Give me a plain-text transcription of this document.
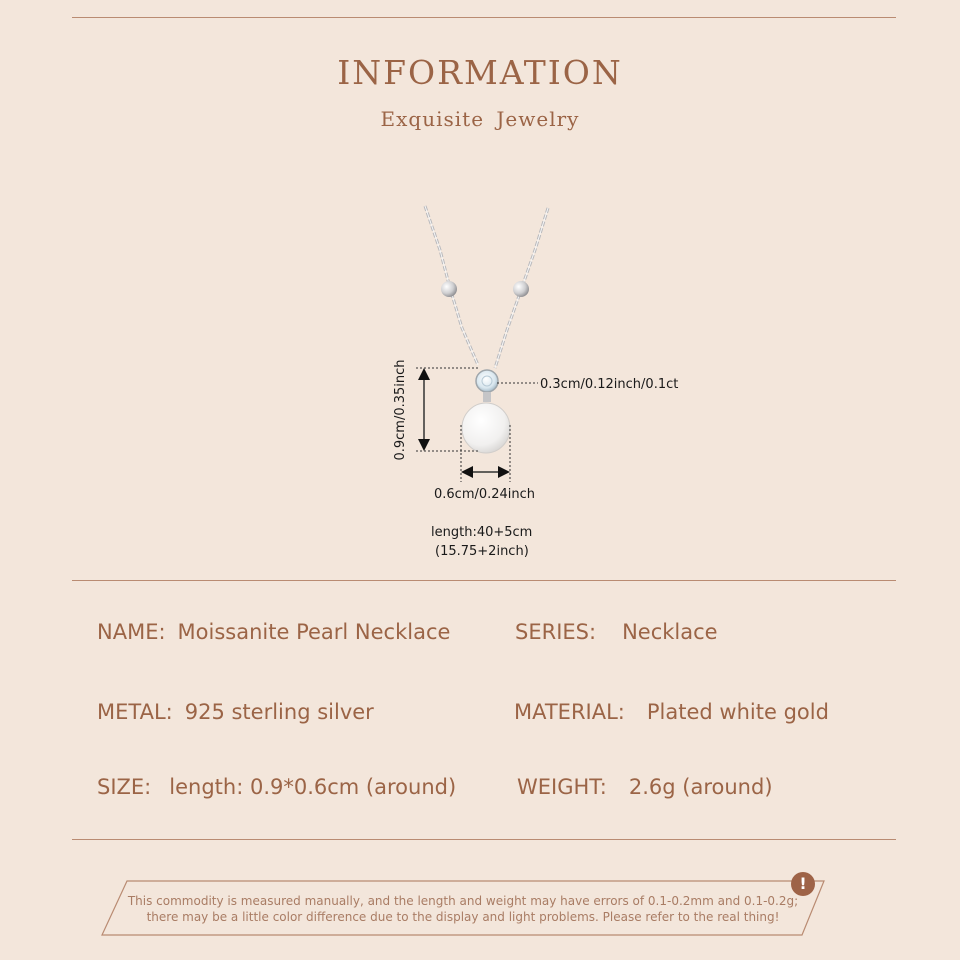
INFORMATION
Exquisite Jewelry
0.3cm/0.12inch/0.1ct
0.6cm/0.24inch
0.9cm/0.35inch
length:40+5cm
(15.75+2inch)
NAME: Moissanite Pearl Necklace	SERIES: Necklace
METAL: 925 sterling silver	MATERIAL: Plated white gold
SIZE: length: 0.9*0.6cm (around)	WEIGHT: 2.6g (around)
This commodity is measured manually, and the length and weight may have errors of 0.1-0.2mm and 0.1-0.2g;
there may be a little color difference due to the display and light problems. Please refer to the real thing!
!
